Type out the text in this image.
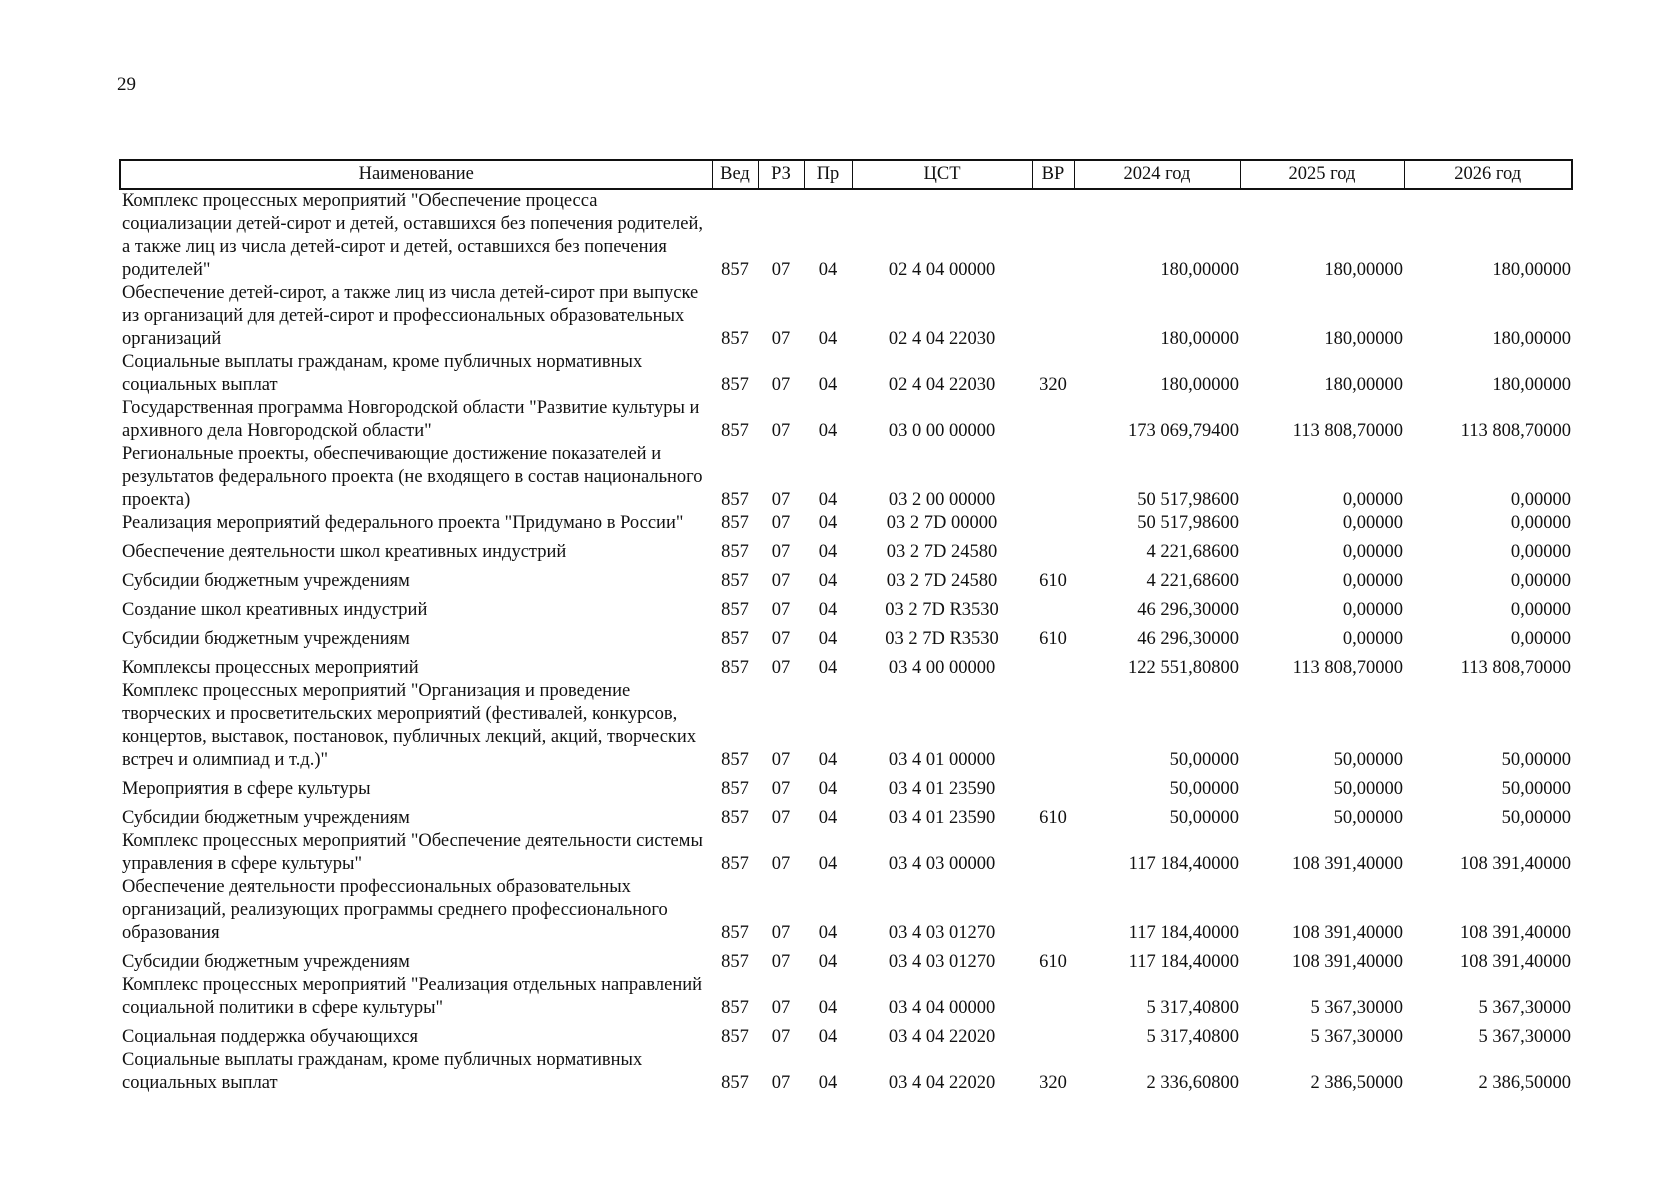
29
Наименование	Вед	РЗ	Пр	ЦСТ	ВР	2024 год	2025 год	2026 год
Комплекс процессных мероприятий "Обеспечение процесса социализации детей-сирот и детей, оставшихся без попечения родителей, а также лиц из числа детей-сирот и детей, оставшихся без попечения родителей"	857	07	04	02 4 04 00000		180,00000	180,00000	180,00000
Обеспечение детей-сирот, а также лиц из числа детей-сирот при выпуске из организаций для детей-сирот и профессиональных образовательных организаций	857	07	04	02 4 04 22030		180,00000	180,00000	180,00000
Социальные выплаты гражданам, кроме публичных нормативных социальных выплат	857	07	04	02 4 04 22030	320	180,00000	180,00000	180,00000
Государственная программа Новгородской области "Развитие культуры и архивного дела Новгородской области"	857	07	04	03 0 00 00000		173 069,79400	113 808,70000	113 808,70000
Региональные проекты, обеспечивающие достижение показателей и результатов федерального проекта (не входящего в состав национального проекта)	857	07	04	03 2 00 00000		50 517,98600	0,00000	0,00000
Реализация мероприятий федерального проекта "Придумано в России"	857	07	04	03 2 7D 00000		50 517,98600	0,00000	0,00000
Обеспечение деятельности школ креативных индустрий	857	07	04	03 2 7D 24580		4 221,68600	0,00000	0,00000
Субсидии бюджетным учреждениям	857	07	04	03 2 7D 24580	610	4 221,68600	0,00000	0,00000
Создание школ креативных индустрий	857	07	04	03 2 7D R3530		46 296,30000	0,00000	0,00000
Субсидии бюджетным учреждениям	857	07	04	03 2 7D R3530	610	46 296,30000	0,00000	0,00000
Комплексы процессных мероприятий	857	07	04	03 4 00 00000		122 551,80800	113 808,70000	113 808,70000
Комплекс процессных мероприятий "Организация и проведение творческих и просветительских мероприятий (фестивалей, конкурсов, концертов, выставок, постановок, публичных лекций, акций, творческих встреч и олимпиад и т.д.)"	857	07	04	03 4 01 00000		50,00000	50,00000	50,00000
Мероприятия в сфере культуры	857	07	04	03 4 01 23590		50,00000	50,00000	50,00000
Субсидии бюджетным учреждениям	857	07	04	03 4 01 23590	610	50,00000	50,00000	50,00000
Комплекс процессных мероприятий "Обеспечение деятельности системы управления в сфере культуры"	857	07	04	03 4 03 00000		117 184,40000	108 391,40000	108 391,40000
Обеспечение деятельности профессиональных образовательных организаций, реализующих программы среднего профессионального образования	857	07	04	03 4 03 01270		117 184,40000	108 391,40000	108 391,40000
Субсидии бюджетным учреждениям	857	07	04	03 4 03 01270	610	117 184,40000	108 391,40000	108 391,40000
Комплекс процессных мероприятий "Реализация отдельных направлений социальной политики в сфере культуры"	857	07	04	03 4 04 00000		5 317,40800	5 367,30000	5 367,30000
Социальная поддержка обучающихся	857	07	04	03 4 04 22020		5 317,40800	5 367,30000	5 367,30000
Социальные выплаты гражданам, кроме публичных нормативных социальных выплат	857	07	04	03 4 04 22020	320	2 336,60800	2 386,50000	2 386,50000
